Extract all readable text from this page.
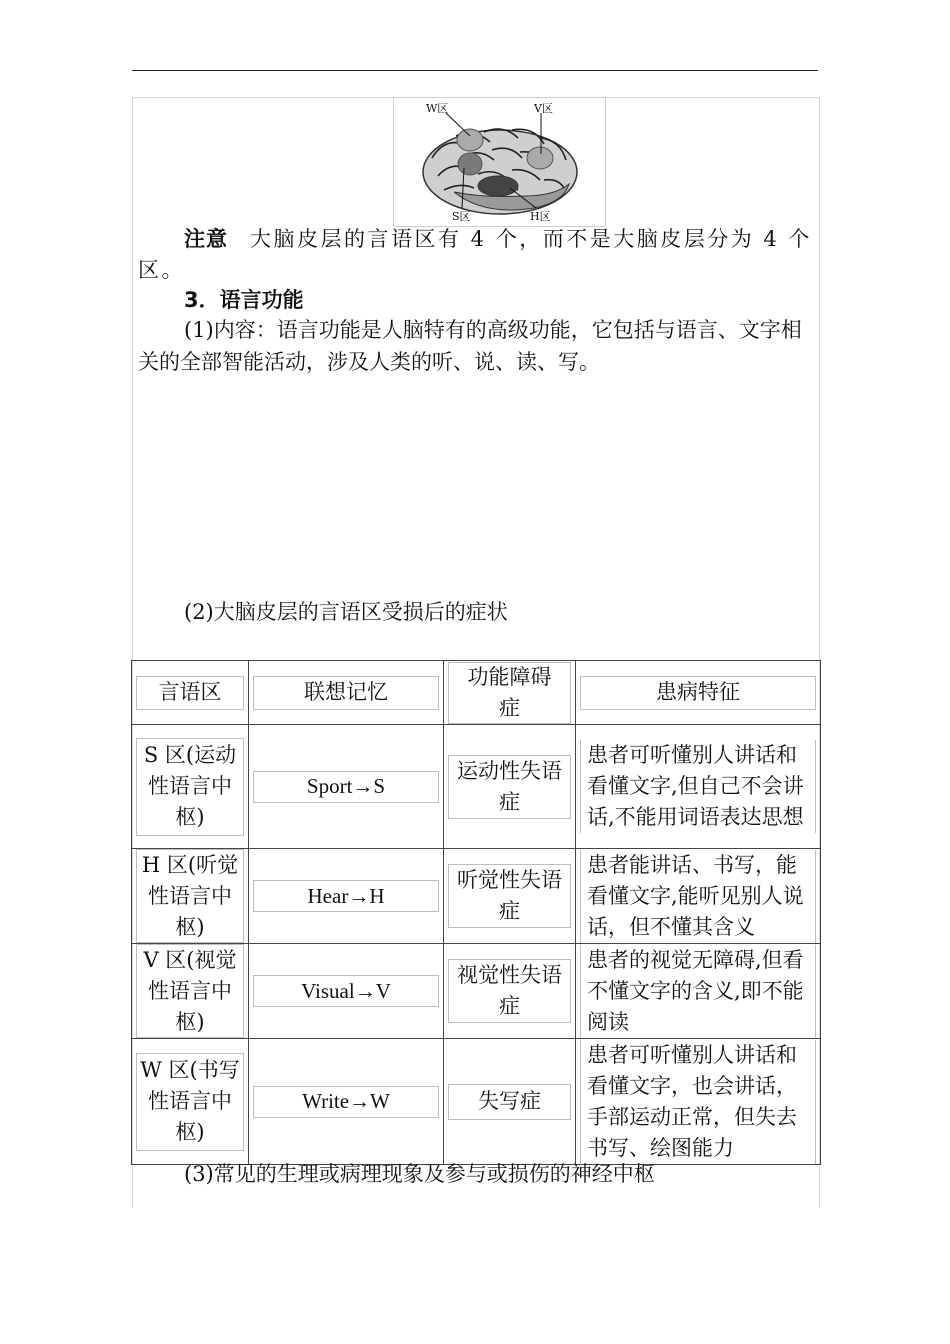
W区	V区
S区	H区
注意 大脑皮层的言语区有 4 个，而不是大脑皮层分为 4 个区。
3．语言功能
(1)内容：语言功能是人脑特有的高级功能，它包括与语言、文字相关的全部智能活动，涉及人类的听、说、读、写。
(2)大脑皮层的言语区受损后的症状
言语区	联想记忆	功能障碍症	患病特征

S 区(运动性语言中枢)	Sport→S	运动性失语症	患者可听懂别人讲话和看懂文字,但自己不会讲话,不能用词语表达思想

H 区(听觉性语言中枢)	Hear→H	听觉性失语症	患者能讲话、书写，能看懂文字,能听见别人说话，但不懂其含义

V 区(视觉性语言中枢)	Visual→V	视觉性失语症	患者的视觉无障碍,但看不懂文字的含义,即不能阅读

W 区(书写性语言中枢)	Write→W	失写症	患者可听懂别人讲话和看懂文字，也会讲话，手部运动正常，但失去书写、绘图能力
(3)常见的生理或病理现象及参与或损伤的神经中枢
